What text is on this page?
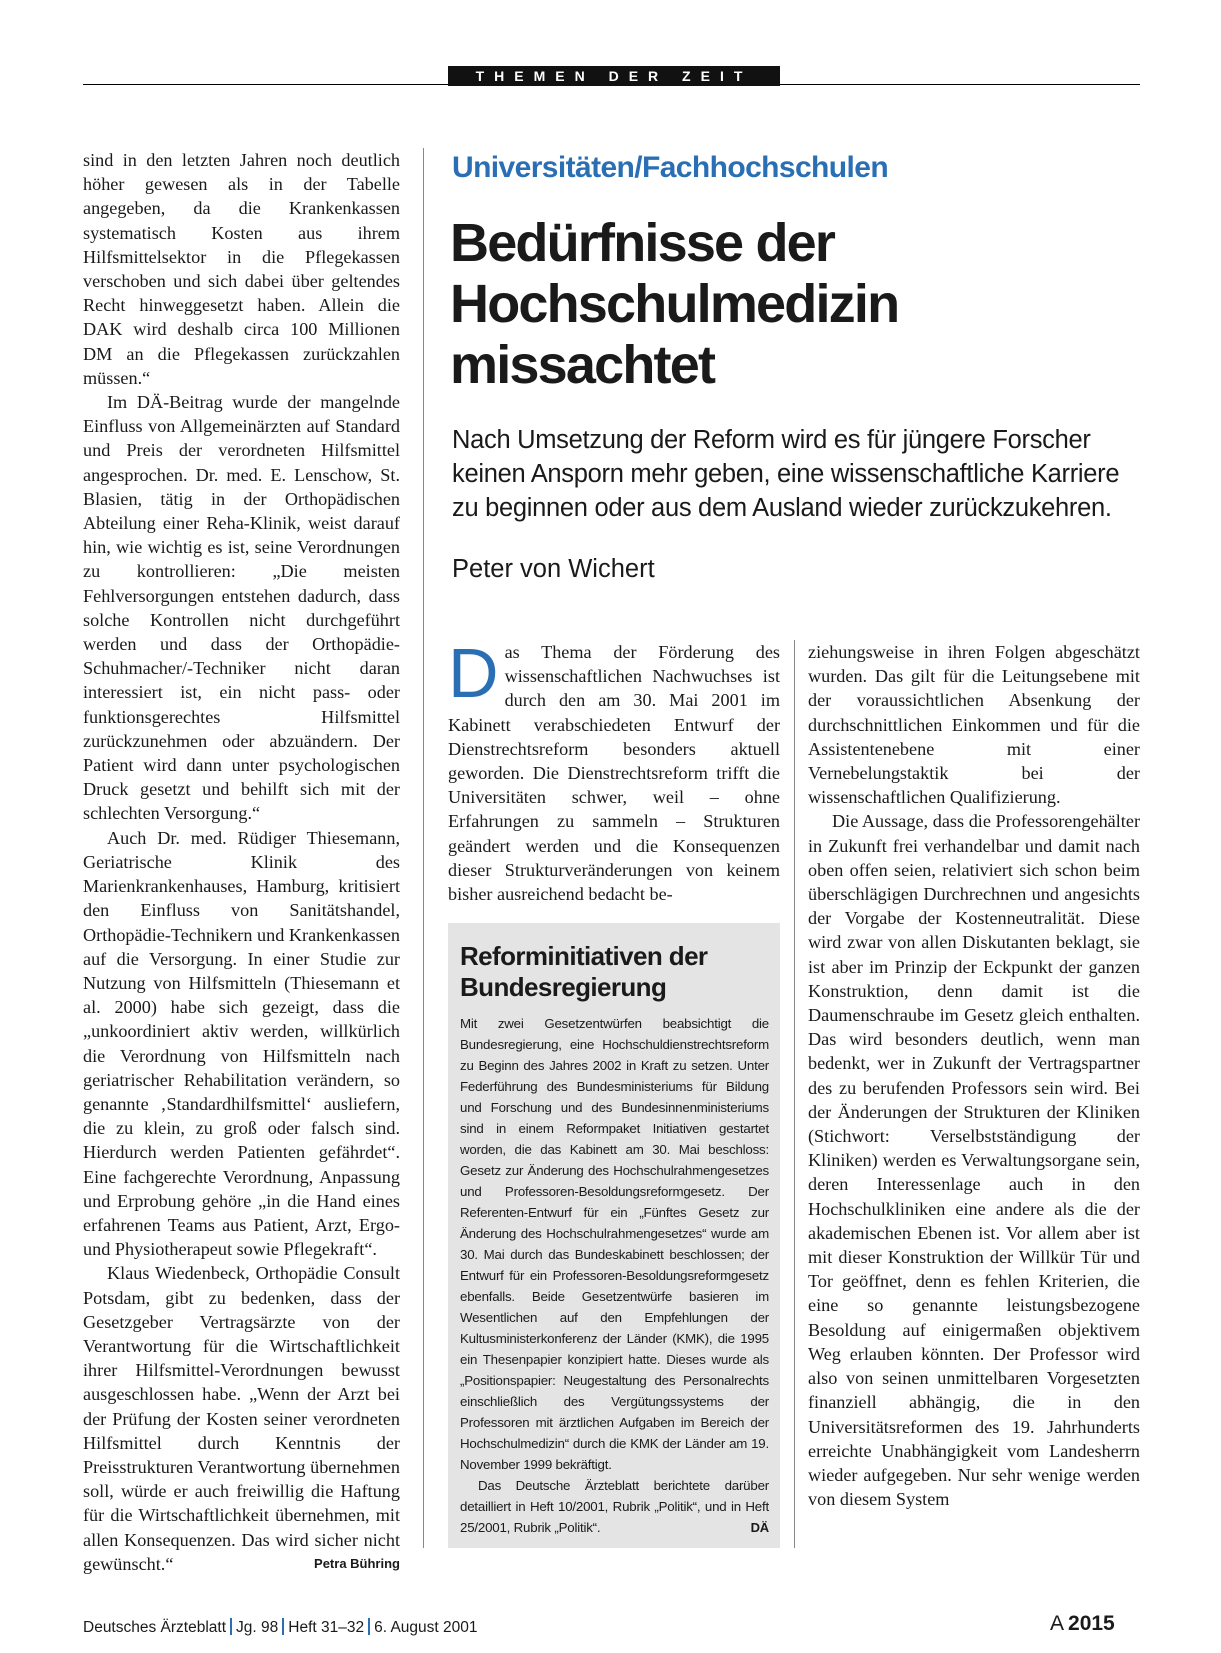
THEMEN DER ZEIT

sind in den letzten Jahren noch deutlich höher gewesen als in der Tabelle angegeben, da die Krankenkassen systematisch Kosten aus ihrem Hilfsmittelsektor in die Pflegekassen verschoben und sich dabei über geltendes Recht hinweggesetzt haben. Allein die DAK wird deshalb circa 100 Millionen DM an die Pflegekassen zurückzahlen müssen.“

Im DÄ-Beitrag wurde der mangelnde Einfluss von Allgemeinärzten auf Standard und Preis der verordneten Hilfsmittel angesprochen. Dr. med. E. Lenschow, St. Blasien, tätig in der Orthopädischen Abteilung einer Reha-Klinik, weist darauf hin, wie wichtig es ist, seine Verordnungen zu kontrollieren: „Die meisten Fehlversorgungen entstehen dadurch, dass solche Kontrollen nicht durchgeführt werden und dass der Orthopädie-Schuhmacher/-Techniker nicht daran interessiert ist, ein nicht pass- oder funktionsgerechtes Hilfsmittel zurückzunehmen oder abzuändern. Der Patient wird dann unter psychologischen Druck gesetzt und behilft sich mit der schlechten Versorgung.“

Auch Dr. med. Rüdiger Thiesemann, Geriatrische Klinik des Marienkrankenhauses, Hamburg, kritisiert den Einfluss von Sanitätshandel, Orthopädie-Technikern und Krankenkassen auf die Versorgung. In einer Studie zur Nutzung von Hilfsmitteln (Thiesemann et al. 2000) habe sich gezeigt, dass die „unkoordiniert aktiv werden, willkürlich die Verordnung von Hilfsmitteln nach geriatrischer Rehabilitation verändern, so genannte ‚Standardhilfsmittel‘ ausliefern, die zu klein, zu groß oder falsch sind. Hierdurch werden Patienten gefährdet“. Eine fachgerechte Verordnung, Anpassung und Erprobung gehöre „in die Hand eines erfahrenen Teams aus Patient, Arzt, Ergo- und Physiotherapeut sowie Pflegekraft“.

Klaus Wiedenbeck, Orthopädie Consult Potsdam, gibt zu bedenken, dass der Gesetzgeber Vertragsärzte von der Verantwortung für die Wirtschaftlichkeit ihrer Hilfsmittel-Verordnungen bewusst ausgeschlossen habe. „Wenn der Arzt bei der Prüfung der Kosten seiner verordneten Hilfsmittel durch Kenntnis der Preisstrukturen Verantwortung übernehmen soll, würde er auch freiwillig die Haftung für die Wirtschaftlichkeit übernehmen, mit allen Konsequenzen. Das wird sicher nicht gewünscht.“	Petra Bühring

Universitäten/Fachhochschulen
Bedürfnisse der Hochschulmedizin missachtet

Nach Umsetzung der Reform wird es für jüngere Forscher keinen Ansporn mehr geben, eine wissenschaftliche Karriere zu beginnen oder aus dem Ausland wieder zurückzukehren.

Peter von Wichert

Das Thema der Förderung des wissenschaftlichen Nachwuchses ist durch den am 30. Mai 2001 im Kabinett verabschiedeten Entwurf der Dienstrechtsreform besonders aktuell geworden. Die Dienstrechtsreform trifft die Universitäten schwer, weil – ohne Erfahrungen zu sammeln – Strukturen geändert werden und die Konsequenzen dieser Strukturveränderungen von keinem bisher ausreichend bedacht be-

Reforminitiativen der Bundesregierung

Mit zwei Gesetzentwürfen beabsichtigt die Bundesregierung, eine Hochschuldienstrechtsreform zu Beginn des Jahres 2002 in Kraft zu setzen. Unter Federführung des Bundesministeriums für Bildung und Forschung und des Bundesinnenministeriums sind in einem Reformpaket Initiativen gestartet worden, die das Kabinett am 30. Mai beschloss: Gesetz zur Änderung des Hochschulrahmengesetzes und Professoren-Besoldungsreformgesetz. Der Referenten-Entwurf für ein „Fünftes Gesetz zur Änderung des Hochschulrahmengesetzes“ wurde am 30. Mai durch das Bundeskabinett beschlossen; der Entwurf für ein Professoren-Besoldungsreformgesetz ebenfalls. Beide Gesetzentwürfe basieren im Wesentlichen auf den Empfehlungen der Kultusministerkonferenz der Länder (KMK), die 1995 ein Thesenpapier konzipiert hatte. Dieses wurde als „Positionspapier: Neugestaltung des Personalrechts einschließlich des Vergütungssystems der Professoren mit ärztlichen Aufgaben im Bereich der Hochschulmedizin“ durch die KMK der Länder am 19. November 1999 bekräftigt.

Das Deutsche Ärzteblatt berichtete darüber detailliert in Heft 10/2001, Rubrik „Politik“, und in Heft 25/2001, Rubrik „Politik“.	DÄ

ziehungsweise in ihren Folgen abgeschätzt wurden. Das gilt für die Leitungsebene mit der voraussichtlichen Absenkung der durchschnittlichen Einkommen und für die Assistentenebene mit einer Vernebelungstaktik bei der wissenschaftlichen Qualifizierung.

Die Aussage, dass die Professorengehälter in Zukunft frei verhandelbar und damit nach oben offen seien, relativiert sich schon beim überschlägigen Durchrechnen und angesichts der Vorgabe der Kostenneutralität. Diese wird zwar von allen Diskutanten beklagt, sie ist aber im Prinzip der Eckpunkt der ganzen Konstruktion, denn damit ist die Daumenschraube im Gesetz gleich enthalten. Das wird besonders deutlich, wenn man bedenkt, wer in Zukunft der Vertragspartner des zu berufenden Professors sein wird. Bei der Änderungen der Strukturen der Kliniken (Stichwort: Verselbstständigung der Kliniken) werden es Verwaltungsorgane sein, deren Interessenlage auch in den Hochschulkliniken eine andere als die der akademischen Ebenen ist. Vor allem aber ist mit dieser Konstruktion der Willkür Tür und Tor geöffnet, denn es fehlen Kriterien, die eine so genannte leistungsbezogene Besoldung auf einigermaßen objektivem Weg erlauben könnten. Der Professor wird also von seinen unmittelbaren Vorgesetzten finanziell abhängig, die in den Universitätsreformen des 19. Jahrhunderts erreichte Unabhängigkeit vom Landesherrn wieder aufgegeben. Nur sehr wenige werden von diesem System

Deutsches Ärzteblatt Jg. 98 Heft 31–32 6. August 2001	A 2015
